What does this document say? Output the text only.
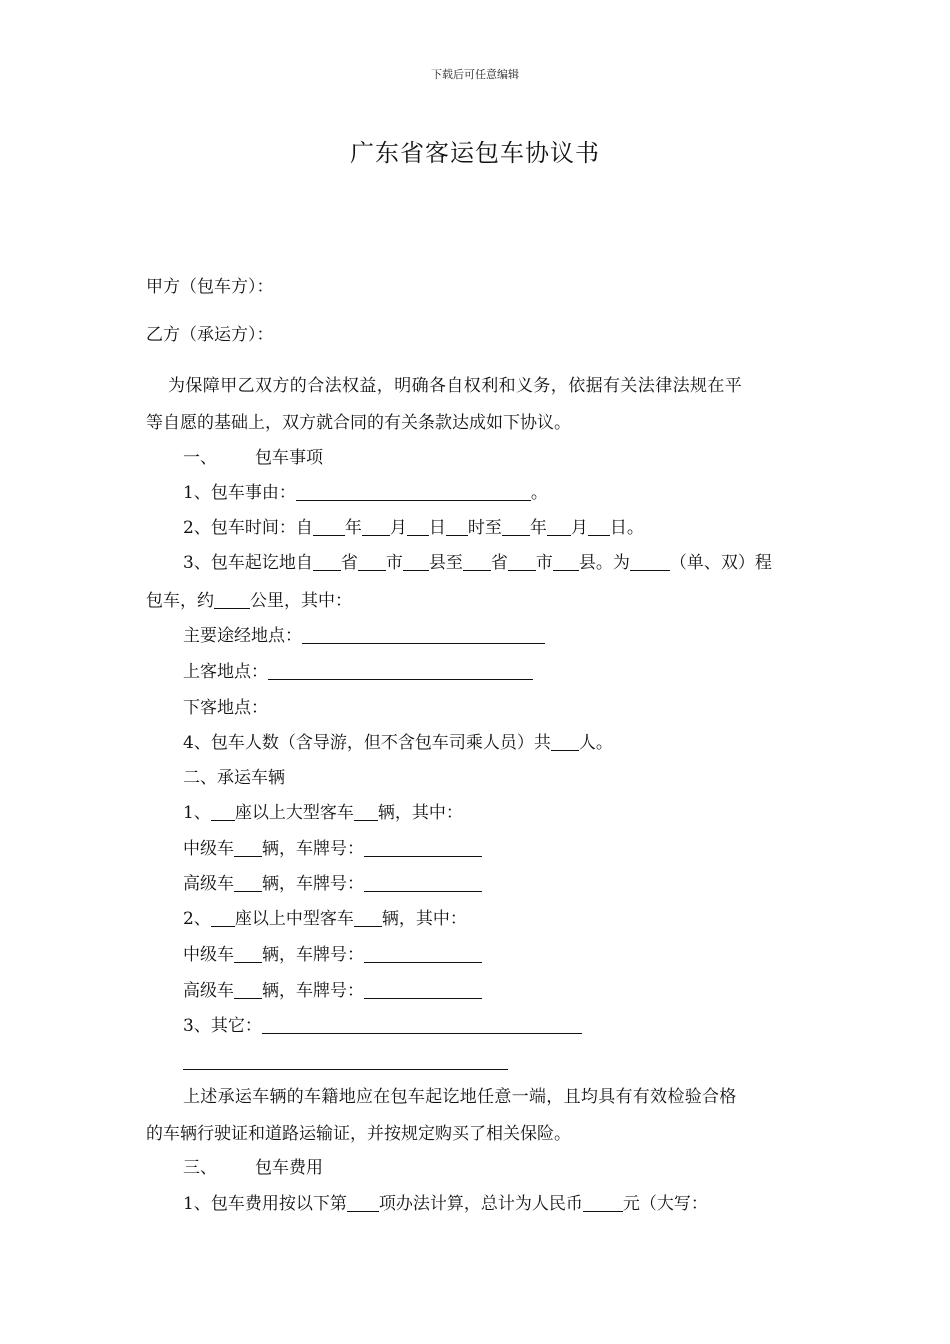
下载后可任意编辑
广东省客运包车协议书
甲方（包车方）：
乙方（承运方）：
为保障甲乙双方的合法权益，明确各自权利和义务，依据有关法律法规在平
等自愿的基础上，双方就合同的有关条款达成如下协议。
一、 包车事项
1、包车事由：	。
2、包车时间：自 年 月 日 时至 年 月 日。
3、包车起讫地自 省 市 县至 省 市 县。为 （单、双）程
包车，约 公里，其中：
主要途经地点：
上客地点：
下客地点：
4、包车人数（含导游，但不含包车司乘人员）共 人。
二、承运车辆
1、 座以上大型客车 辆，其中：
中级车 辆，车牌号：
高级车 辆，车牌号：
2、 座以上中型客车 辆，其中：
中级车 辆，车牌号：
高级车 辆，车牌号：
3、其它：
上述承运车辆的车籍地应在包车起讫地任意一端，且均具有有效检验合格
的车辆行驶证和道路运输证，并按规定购买了相关保险。
三、 包车费用
1、包车费用按以下第 项办法计算，总计为人民币 元（大写：
